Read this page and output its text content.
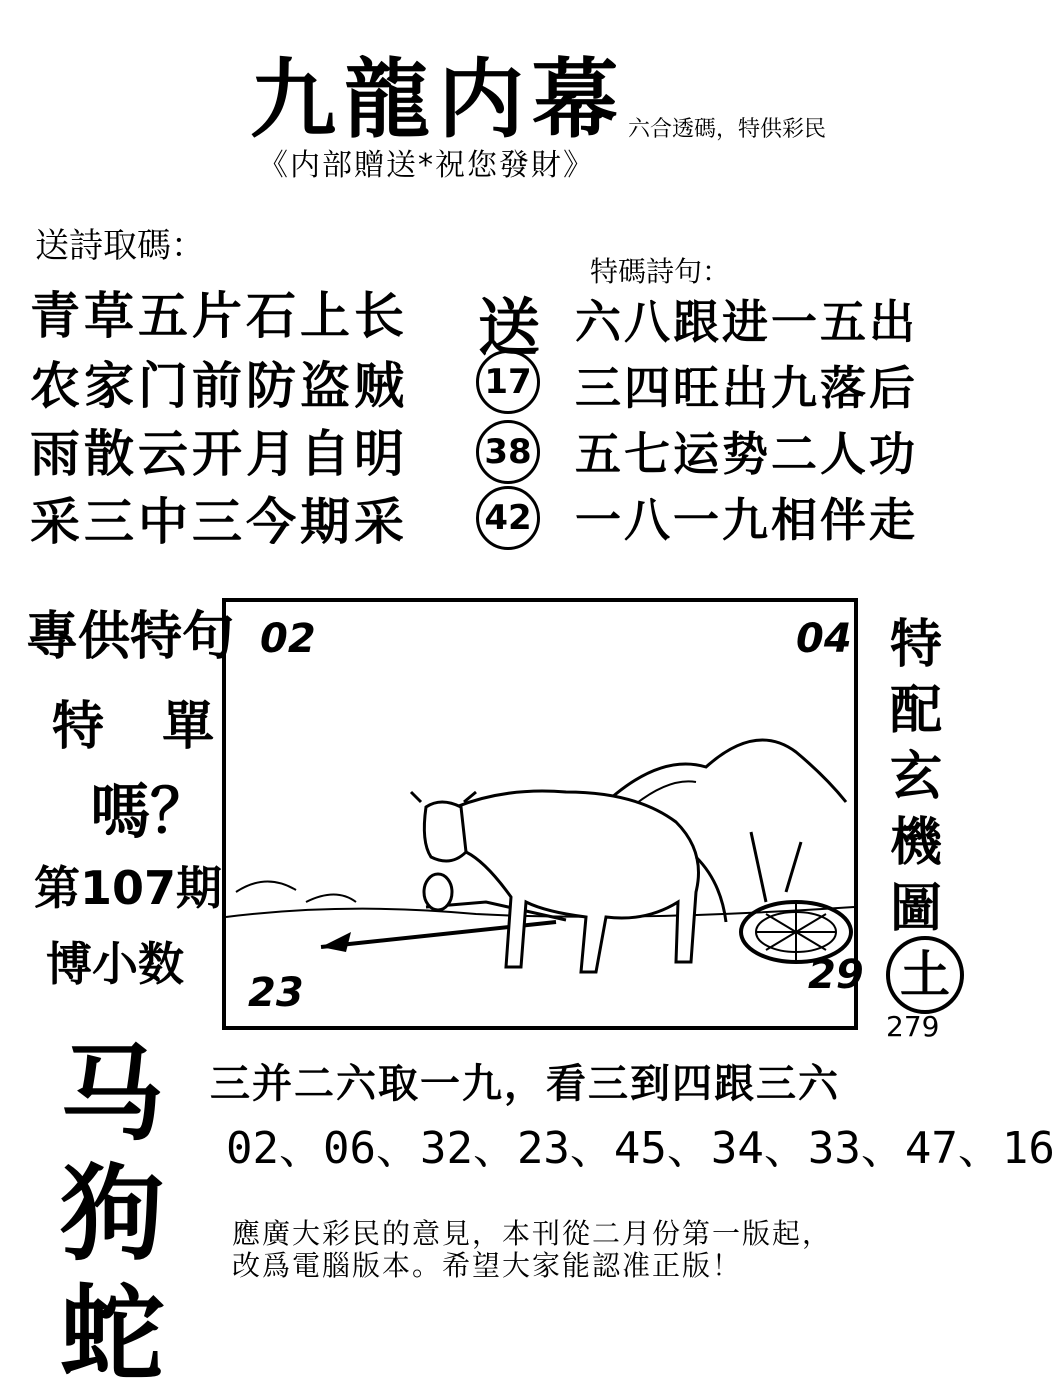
九龍内幕 六合透碼，特供彩民
《内部贈送*祝您發財》
送詩取碼：
青草五片石上长
农家门前防盗贼
雨散云开月自明
采三中三今期采
特碼詩句：
送 六八跟进一五出
17 三四旺出九落后
38 五七运势二人功
42 一八一九相伴走
專供特句
特 單
嗎？
第107期
博小数
02	04
23	29
特
配
玄
機
圖
土
279
马
狗
蛇
三并二六取一九，看三到四跟三六
02、06、32、23、45、34、33、47、16
應廣大彩民的意見，本刊從二月份第一版起，
改爲電腦版本。希望大家能認准正版！
